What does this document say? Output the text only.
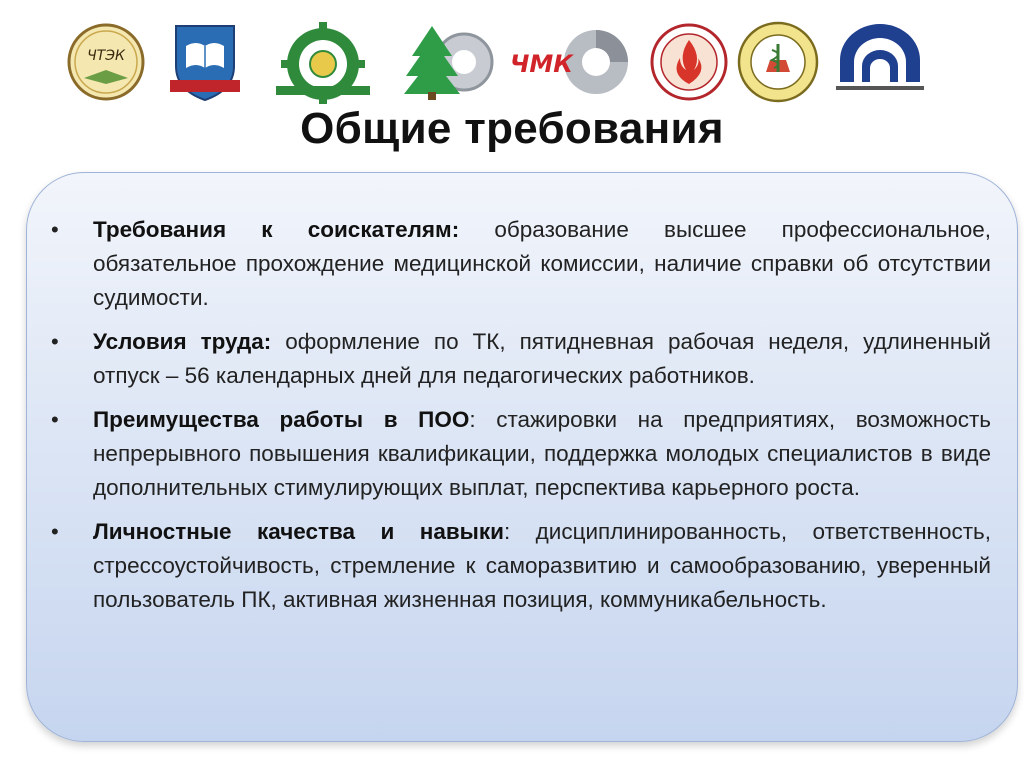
ЧТЭК	ЧМК
Общие требования
• Требования к соискателям: образование высшее профессиональное, обязательное прохождение медицинской комиссии, наличие справки об отсутствии судимости.
• Условия труда: оформление по ТК, пятидневная рабочая неделя, удлиненный отпуск – 56 календарных дней для педагогических работников.
• Преимущества работы в ПОО: стажировки на предприятиях, возможность непрерывного повышения квалификации, поддержка молодых специалистов в виде дополнительных стимулирующих выплат, перспектива карьерного роста.
• Личностные качества и навыки: дисциплинированность, ответственность, стрессоустойчивость, стремление к саморазвитию и самообразованию, уверенный пользователь ПК, активная жизненная позиция, коммуникабельность.
